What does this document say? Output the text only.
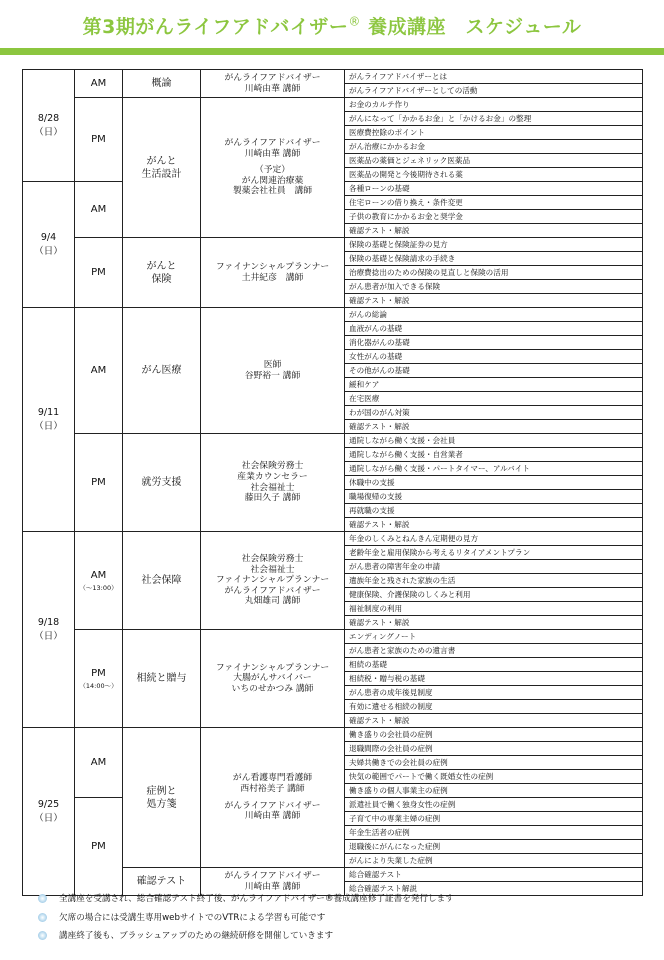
第3期がんライフアドバイザー® 養成講座　スケジュール
8/28
（日）	AM	概論	がんライフアドバイザー
川崎由華 講師	がんライフアドバイザーとは
				がんライフアドバイザーとしての活動
	PM	がんと
生活設計	がんライフアドバイザー
川崎由華 講師
（予定）
がん関連治療薬
製薬会社社員　講師	お金のカルテ作り
				がんになって「かかるお金」と「かけるお金」の整理
				医療費控除のポイント
				がん治療にかかるお金
				医薬品の薬価とジェネリック医薬品
				医薬品の開発と今後期待される薬

9/4
（日）	AM			各種ローンの基礎
				住宅ローンの借り換え・条件変更
				子供の教育にかかるお金と奨学金
				確認テスト・解説
	PM	がんと
保険	ファイナンシャルプランナー
土井紀彦　講師	保険の基礎と保険証券の見方
				保険の基礎と保険請求の手続き
				治療費捻出のための保険の見直しと保険の活用
				がん患者が加入できる保険
				確認テスト・解説

9/11
（日）	AM	がん医療	医師
谷野裕一 講師	がんの総論
				血液がんの基礎
				消化器がんの基礎
				女性がんの基礎
				その他がんの基礎
				緩和ケア
				在宅医療
				わが国のがん対策
				確認テスト・解説
	PM	就労支援	社会保険労務士
産業カウンセラー
社会福祉士
藤田久子 講師	通院しながら働く支援・会社員
				通院しながら働く支援・自営業者
				通院しながら働く支援・パートタイマー、アルバイト
				休職中の支援
				職場復帰の支援
				再就職の支援
				確認テスト・解説

9/18
（日）	AM
（～13:00）	社会保障	社会保険労務士
社会福祉士
ファイナンシャルプランナー
がんライフアドバイザー
丸畑雄司 講師	年金のしくみとねんきん定期便の見方
				老齢年金と雇用保険から考えるリタイアメントプラン
				がん患者の障害年金の申請
				遺族年金と残された家族の生活
				健康保険、介護保険のしくみと利用
				福祉制度の利用
				確認テスト・解説
	PM
（14:00～）	相続と贈与	ファイナンシャルプランナー
大腸がんサバイバー
いちのせかつみ 講師	エンディングノート
				がん患者と家族のための遺言書
				相続の基礎
				相続税・贈与税の基礎
				がん患者の成年後見制度
				有効に遺せる相続の制度
				確認テスト・解説

9/25
（日）	AM	症例と
処方箋	がん看護専門看護師
西村裕美子 講師
がんライフアドバイザー
川崎由華 講師	働き盛りの会社員の症例
				退職間際の会社員の症例
				夫婦共働きでの会社員の症例
				快気の範囲でパートで働く既婚女性の症例
				働き盛りの個人事業主の症例
	PM			派遣社員で働く独身女性の症例
				子育て中の専業主婦の症例
				年金生活者の症例
				退職後にがんになった症例
				がんにより失業した症例
		確認テスト	がんライフアドバイザー
川崎由華 講師	総合確認テスト
				総合確認テスト解説
全講座を受講され、総合確認テスト終了後、がんライフアドバイザー®養成講座修了証書を発行します
欠席の場合には受講生専用webサイトでのVTRによる学習も可能です
講座終了後も、ブラッシュアップのための継続研修を開催していきます
